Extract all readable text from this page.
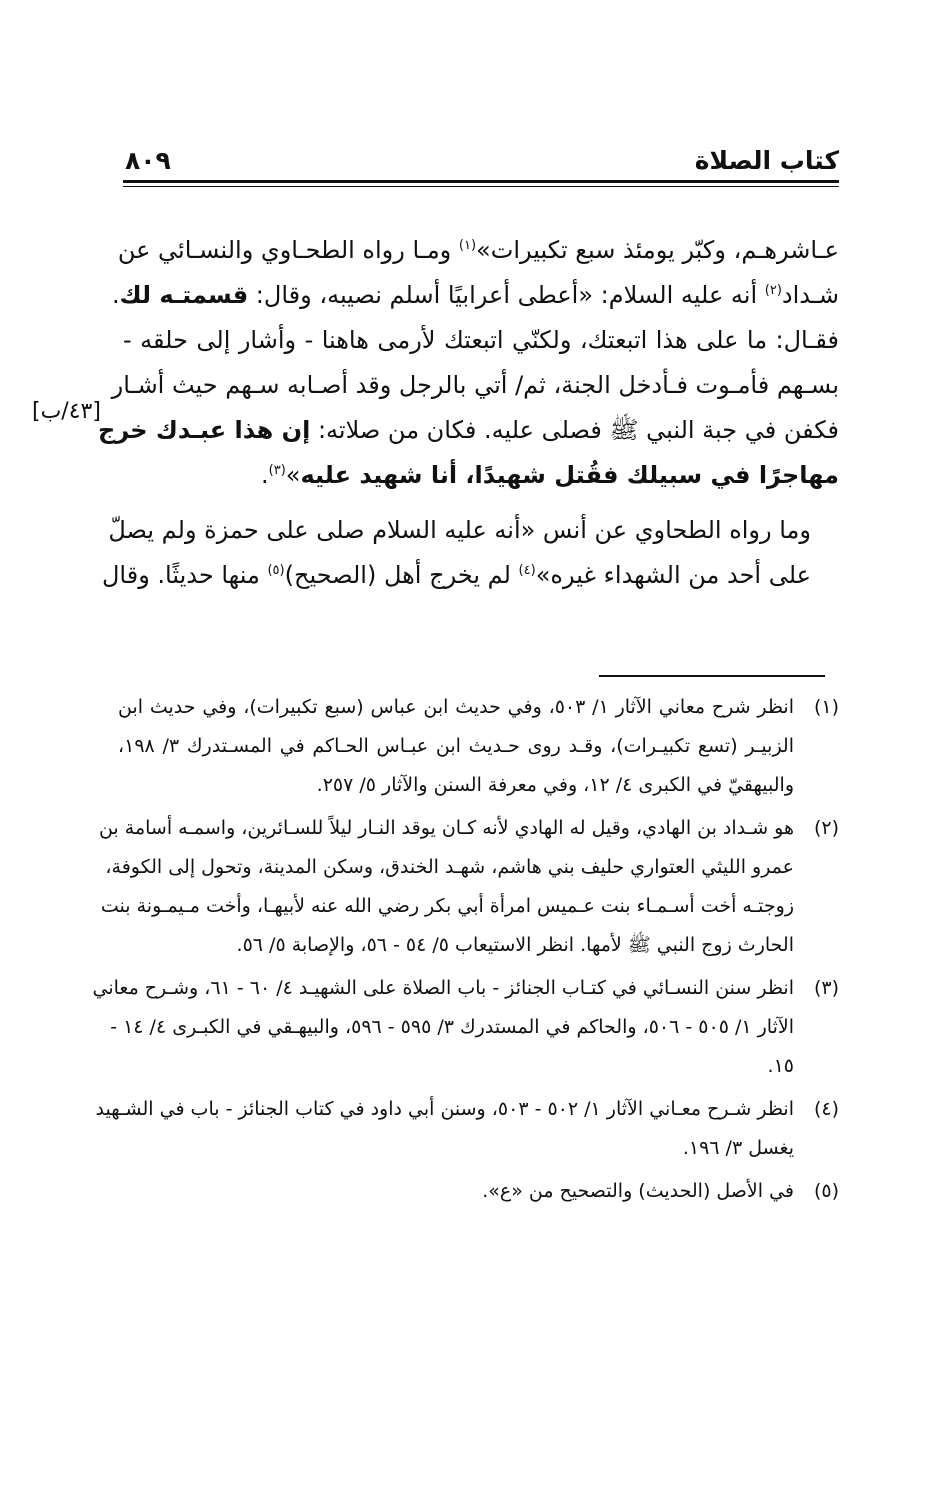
كتاب الصلاة
٨٠٩
[٤٣/ب]

عـاشرهـم، وكبّر يومئذ سبع تكبيرات»$^{(١)}$ ومـا رواه الطحـاوي والنسـائي عن
شـداد$^{(٢)}$ أنه عليه السلام: «أعطى أعرابيًا أسلم نصيبه، وقال: قسمتـه لك.
فقـال: ما على هذا اتبعتك، ولكنّي اتبعتك لأرمى هاهنا - وأشار إلى حلقه -
بسـهم فأمـوت فـأدخل الجنة، ثم/ أتي بالرجل وقد أصـابه سـهم حيث أشـار
فكفن في جبة النبي ﷺ فصلى عليه. فكان من صلاته: إن هذا عبـدك خرج
مهاجرًا في سبيلك فقُتل شهيدًا، أنا شهيد عليه»$^{(٣)}$.

وما رواه الطحاوي عن أنس «أنه عليه السلام صلى على حمزة ولم يصلّ
على أحد من الشهداء غيره»$^{(٤)}$ لم يخرج أهل (الصحيح)$^{(٥)}$ منها حديثًا. وقال

(١)
انظر شرح معاني الآثار ١/ ٥٠٣، وفي حديث ابن عباس (سبع تكبيرات)، وفي حديث ابن
الزبيـر (تسع تكبيـرات)، وقـد روى حـديث ابن عبـاس الحـاكم في المسـتدرك ٣/ ١٩٨،
والبيهقيّ في الكبرى ٤/ ١٢، وفي معرفة السنن والآثار ٥/ ٢٥٧.
(٢)
هو شـداد بن الهادي، وقيل له الهادي لأنه كـان يوقد النـار ليلاً للسـائرين، واسمـه أسامة بن
عمرو الليثي العتواري حليف بني هاشم، شهـد الخندق، وسكن المدينة، وتحول إلى الكوفة،
زوجتـه أخت أسـمـاء بنت عـميس امرأة أبي بكر رضي الله عنه لأبيهـا، وأخت مـيمـونة بنت
الحارث زوج النبي ﷺ لأمها. انظر الاستيعاب ٥/ ٥٤ - ٥٦، والإصابة ٥/ ٥٦.
(٣)
انظر سنن النسـائي في كتـاب الجنائز - باب الصلاة على الشهيـد ٤/ ٦٠ - ٦١، وشـرح معاني
الآثار ١/ ٥٠٥ - ٥٠٦، والحاكم في المستدرك ٣/ ٥٩٥ - ٥٩٦، والبيهـقي في الكبـرى ٤/ ١٤ -
١٥.
(٤)
انظر شـرح معـاني الآثار ١/ ٥٠٢ - ٥٠٣، وسنن أبي داود في كتاب الجنائز - باب في الشـهيد
يغسل ٣/ ١٩٦.
(٥)
في الأصل (الحديث) والتصحيح من «ع».
